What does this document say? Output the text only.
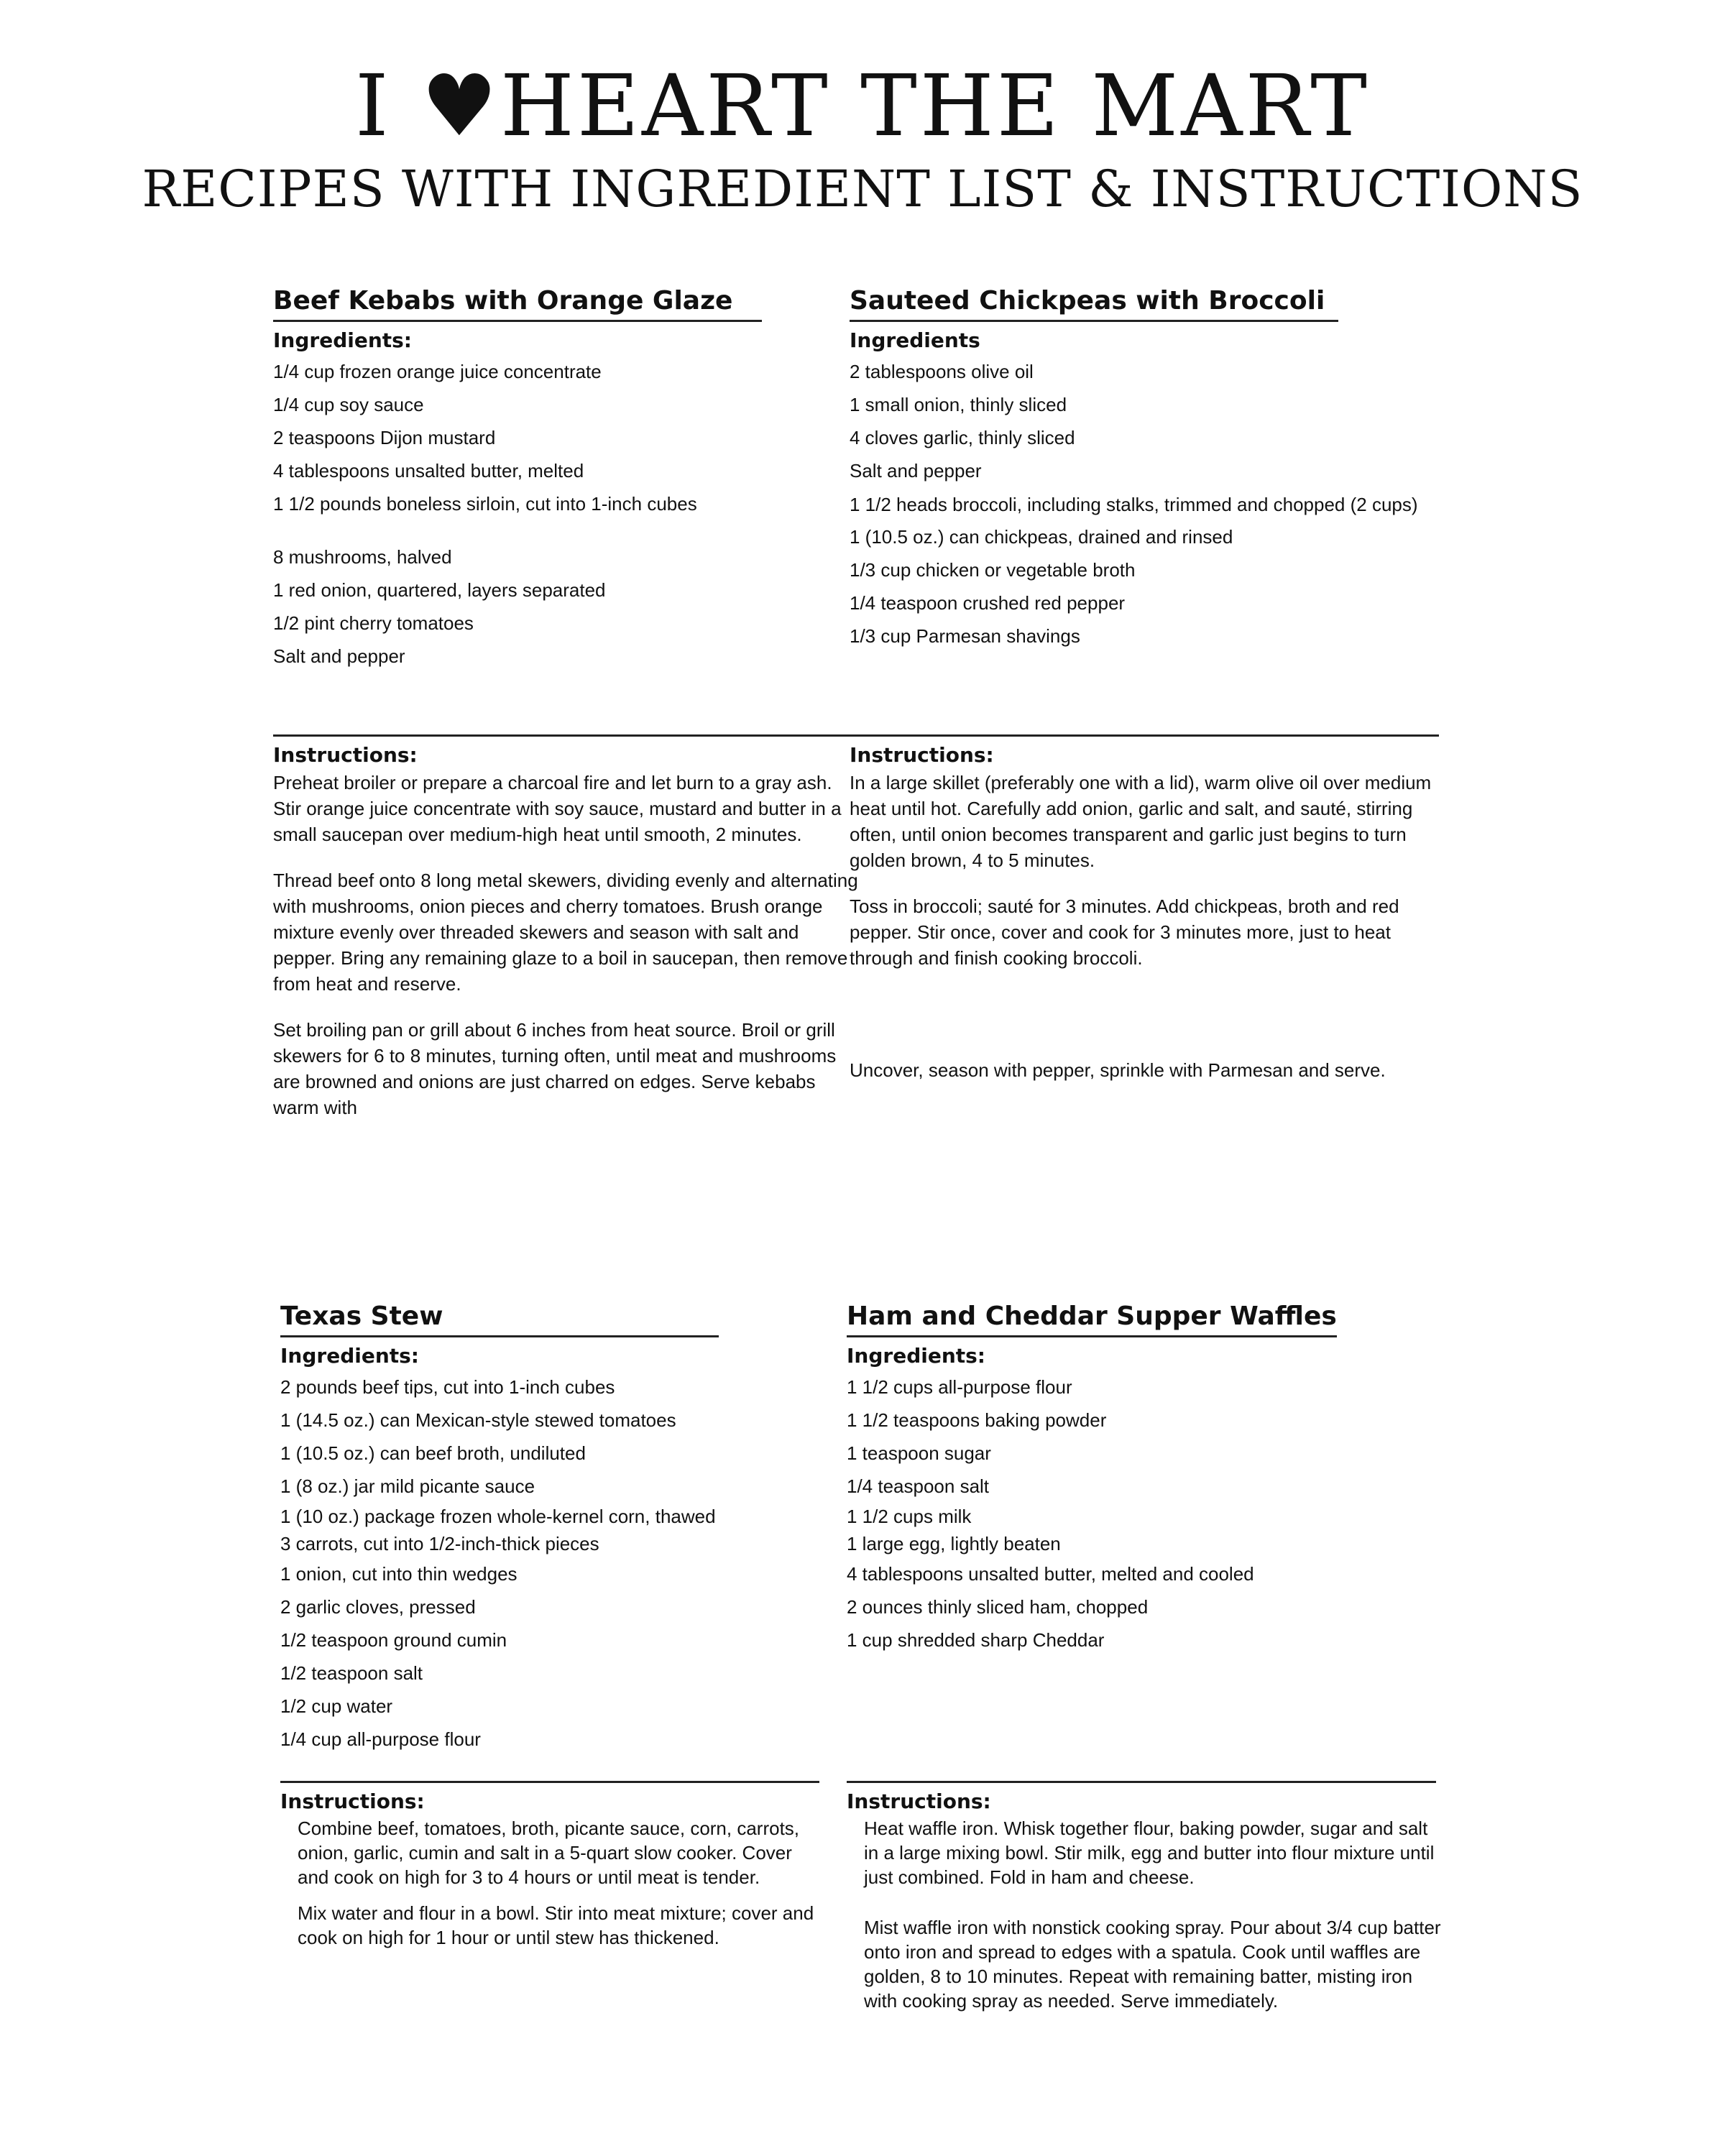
I ♥HEART THE MART
RECIPES WITH INGREDIENT LIST & INSTRUCTIONS
Beef Kebabs with Orange Glaze
Ingredients:
1/4 cup frozen orange juice concentrate
1/4 cup soy sauce
2 teaspoons Dijon mustard
4 tablespoons unsalted butter, melted
1 1/2 pounds boneless sirloin, cut into 1-inch cubes
8 mushrooms, halved
1 red onion, quartered, layers separated
1/2 pint cherry tomatoes
Salt and pepper
Instructions:

Preheat broiler or prepare a charcoal fire and let burn to a gray ash. Stir orange juice concentrate with soy sauce, mustard and butter in a small saucepan over medium-high heat until smooth, 2 minutes.

Thread beef onto 8 long metal skewers, dividing evenly and alternating with mushrooms, onion pieces and cherry tomatoes. Brush orange mixture evenly over threaded skewers and season with salt and pepper. Bring any remaining glaze to a boil in saucepan, then remove from heat and reserve.

Set broiling pan or grill about 6 inches from heat source. Broil or grill skewers for 6 to 8 minutes, turning often, until meat and mushrooms are browned and onions are just charred on edges. Serve kebabs warm with

Sauteed Chickpeas with Broccoli
Ingredients
2 tablespoons olive oil
1 small onion, thinly sliced
4 cloves garlic, thinly sliced
Salt and pepper
1 1/2 heads broccoli, including stalks, trimmed and chopped (2 cups)
1 (10.5 oz.) can chickpeas, drained and rinsed
1/3 cup chicken or vegetable broth
1/4 teaspoon crushed red pepper
1/3 cup Parmesan shavings
Instructions:

In a large skillet (preferably one with a lid), warm olive oil over medium heat until hot. Carefully add onion, garlic and salt, and sauté, stirring often, until onion becomes transparent and garlic just begins to turn golden brown, 4 to 5 minutes.

Toss in broccoli; sauté for 3 minutes. Add chickpeas, broth and red pepper. Stir once, cover and cook for 3 minutes more, just to heat through and finish cooking broccoli.

Uncover, season with pepper, sprinkle with Parmesan and serve.

Texas Stew
Ingredients:
2 pounds beef tips, cut into 1-inch cubes
1 (14.5 oz.) can Mexican-style stewed tomatoes
1 (10.5 oz.) can beef broth, undiluted
1 (8 oz.) jar mild picante sauce
1 (10 oz.) package frozen whole-kernel corn, thawed
3 carrots, cut into 1/2-inch-thick pieces
1 onion, cut into thin wedges
2 garlic cloves, pressed
1/2 teaspoon ground cumin
1/2 teaspoon salt
1/2 cup water
1/4 cup all-purpose flour
Instructions:

Combine beef, tomatoes, broth, picante sauce, corn, carrots, onion, garlic, cumin and salt in a 5-quart slow cooker. Cover and cook on high for 3 to 4 hours or until meat is tender.

Mix water and flour in a bowl. Stir into meat mixture; cover and cook on high for 1 hour or until stew has thickened.

Ham and Cheddar Supper Waffles
Ingredients:
1 1/2 cups all-purpose flour
1 1/2 teaspoons baking powder
1 teaspoon sugar
1/4 teaspoon salt
1 1/2 cups milk
1 large egg, lightly beaten
4 tablespoons unsalted butter, melted and cooled
2 ounces thinly sliced ham, chopped
1 cup shredded sharp Cheddar
Instructions:

Heat waffle iron. Whisk together flour, baking powder, sugar and salt in a large mixing bowl. Stir milk, egg and butter into flour mixture until just combined. Fold in ham and cheese.

Mist waffle iron with nonstick cooking spray. Pour about 3/4 cup batter onto iron and spread to edges with a spatula. Cook until waffles are golden, 8 to 10 minutes. Repeat with remaining batter, misting iron with cooking spray as needed. Serve immediately.
